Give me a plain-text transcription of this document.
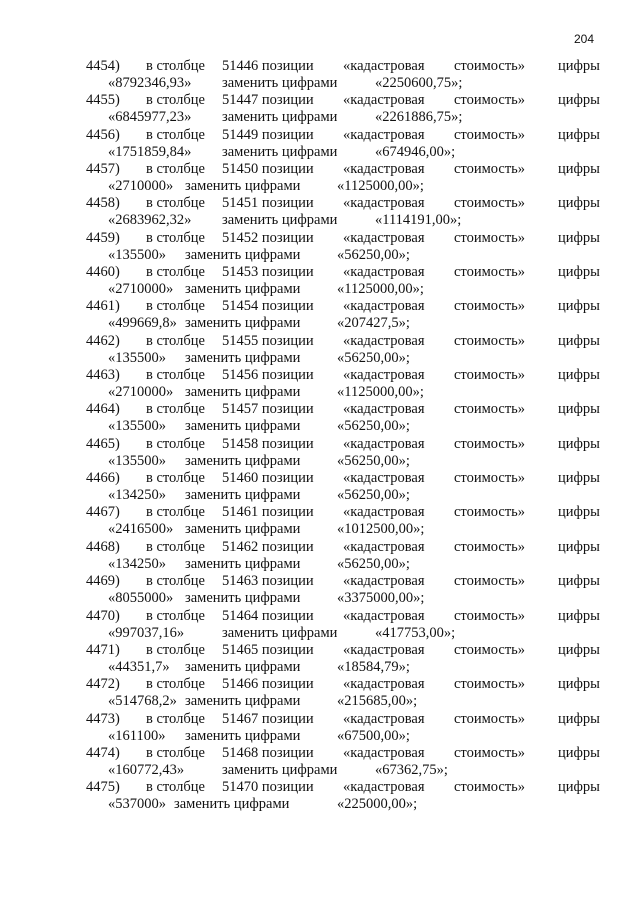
204
4454) в столбце 51446 позиции «кадастровая стоимость» цифры
«8792346,93» заменить цифрами	«2250600,75»;
4455) в столбце 51447 позиции «кадастровая стоимость» цифры
«6845977,23» заменить цифрами	«2261886,75»;
4456) в столбце 51449 позиции «кадастровая стоимость» цифры
«1751859,84» заменить цифрами	«674946,00»;
4457) в столбце 51450 позиции «кадастровая стоимость» цифры
«2710000» заменить цифрами	«1125000,00»;
4458) в столбце 51451 позиции «кадастровая стоимость» цифры
«2683962,32» заменить цифрами	«1114191,00»;
4459) в столбце 51452 позиции «кадастровая стоимость» цифры
«135500» заменить цифрами	«56250,00»;
4460) в столбце 51453 позиции «кадастровая стоимость» цифры
«2710000» заменить цифрами	«1125000,00»;
4461) в столбце 51454 позиции «кадастровая стоимость» цифры
«499669,8» заменить цифрами	«207427,5»;
4462) в столбце 51455 позиции «кадастровая стоимость» цифры
«135500» заменить цифрами	«56250,00»;
4463) в столбце 51456 позиции «кадастровая стоимость» цифры
«2710000» заменить цифрами	«1125000,00»;
4464) в столбце 51457 позиции «кадастровая стоимость» цифры
«135500» заменить цифрами	«56250,00»;
4465) в столбце 51458 позиции «кадастровая стоимость» цифры
«135500» заменить цифрами	«56250,00»;
4466) в столбце 51460 позиции «кадастровая стоимость» цифры
«134250» заменить цифрами	«56250,00»;
4467) в столбце 51461 позиции «кадастровая стоимость» цифры
«2416500» заменить цифрами	«1012500,00»;
4468) в столбце 51462 позиции «кадастровая стоимость» цифры
«134250» заменить цифрами	«56250,00»;
4469) в столбце 51463 позиции «кадастровая стоимость» цифры
«8055000» заменить цифрами	«3375000,00»;
4470) в столбце 51464 позиции «кадастровая стоимость» цифры
«997037,16»	заменить цифрами	«417753,00»;
4471) в столбце 51465 позиции «кадастровая стоимость» цифры
«44351,7» заменить цифрами	«18584,79»;
4472) в столбце 51466 позиции «кадастровая стоимость» цифры
«514768,2» заменить цифрами	«215685,00»;
4473) в столбце 51467 позиции «кадастровая стоимость» цифры
«161100» заменить цифрами	«67500,00»;
4474) в столбце 51468 позиции «кадастровая стоимость» цифры
«160772,43»	заменить цифрами	«67362,75»;
4475) в столбце 51470 позиции «кадастровая стоимость» цифры
«537000» заменить цифрами	«225000,00»;
